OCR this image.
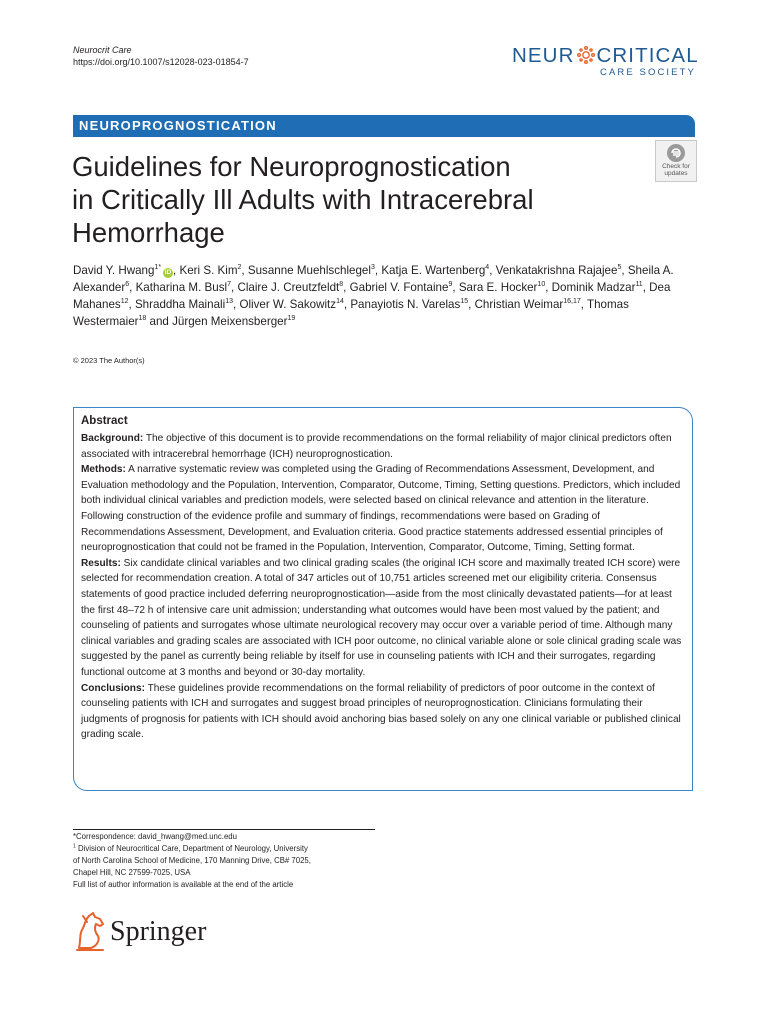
Neurocrit Care
https://doi.org/10.1007/s12028-023-01854-7	NEUR CRITICAL
CARE SOCIETY
NEUROPROGNOSTICATION
Guidelines for Neuroprognostication
in Critically Ill Adults with Intracerebral
Hemorrhage
Check for
updates
David Y. Hwang$^{1*}$iD , Keri S. Kim$^2$, Susanne Muehlschlegel$^3$, Katja E. Wartenberg$^4$, Venkatakrishna Rajajee$^5$, Sheila A. Alexander$^6$, Katharina M. Busl$^7$, Claire J. Creutzfeldt$^8$, Gabriel V. Fontaine$^9$, Sara E. Hocker$^{10}$, Dominik Madzar$^{11}$, Dea Mahanes$^{12}$, Shraddha Mainali$^{13}$, Oliver W. Sakowitz$^{14}$, Panayiotis N. Varelas$^{15}$, Christian Weimar$^{16,17}$, Thomas Westermaier$^{18}$ and Jürgen Meixensberger$^{19}$
© 2023 The Author(s)
Abstract

Background: The objective of this document is to provide recommendations on the formal reliability of major clinical predictors often associated with intracerebral hemorrhage (ICH) neuroprognostication.

Methods: A narrative systematic review was completed using the Grading of Recommendations Assessment, Development, and Evaluation methodology and the Population, Intervention, Comparator, Outcome, Timing, Setting questions. Predictors, which included both individual clinical variables and prediction models, were selected based on clinical relevance and attention in the literature. Following construction of the evidence profile and summary of findings, recommendations were based on Grading of Recommendations Assessment, Development, and Evaluation criteria. Good practice statements addressed essential principles of neuroprognostication that could not be framed in the Population, Intervention, Comparator, Outcome, Timing, Setting format.

Results: Six candidate clinical variables and two clinical grading scales (the original ICH score and maximally treated ICH score) were selected for recommendation creation. A total of 347 articles out of 10,751 articles screened met our eligibility criteria. Consensus statements of good practice included deferring neuroprognostication—aside from the most clinically devastated patients—for at least the first 48–72 h of intensive care unit admission; understanding what outcomes would have been most valued by the patient; and counseling of patients and surrogates whose ultimate neurological recovery may occur over a variable period of time. Although many clinical variables and grading scales are associated with ICH poor outcome, no clinical variable alone or sole clinical grading scale was suggested by the panel as currently being reliable by itself for use in counseling patients with ICH and their surrogates, regarding functional outcome at 3 months and beyond or 30-day mortality.

Conclusions: These guidelines provide recommendations on the formal reliability of predictors of poor outcome in the context of counseling patients with ICH and surrogates and suggest broad principles of neuroprognostication. Clinicians formulating their judgments of prognosis for patients with ICH should avoid anchoring bias based solely on any one clinical variable or published clinical grading scale.

*Correspondence: david_hwang@med.unc.edu
$^1$ Division of Neurocritical Care, Department of Neurology, University
of North Carolina School of Medicine, 170 Manning Drive, CB# 7025,
Chapel Hill, NC 27599-7025, USA
Full list of author information is available at the end of the article
Springer
